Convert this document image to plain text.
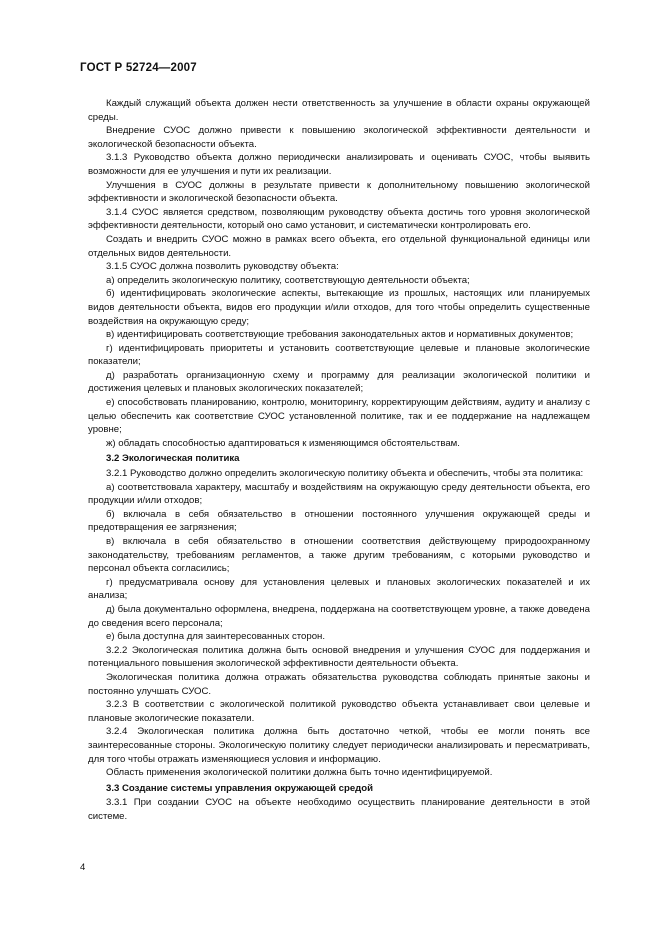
ГОСТ Р 52724—2007

Каждый служащий объекта должен нести ответственность за улучшение в области охраны окружающей среды.

Внедрение СУОС должно привести к повышению экологической эффективности деятельности и экологической безопасности объекта.

3.1.3 Руководство объекта должно периодически анализировать и оценивать СУОС, чтобы выявить возможности для ее улучшения и пути их реализации.

Улучшения в СУОС должны в результате привести к дополнительному повышению экологической эффективности и экологической безопасности объекта.

3.1.4 СУОС является средством, позволяющим руководству объекта достичь того уровня экологической эффективности деятельности, который оно само установит, и систематически контролировать его.

Создать и внедрить СУОС можно в рамках всего объекта, его отдельной функциональной единицы или отдельных видов деятельности.

3.1.5 СУОС должна позволить руководству объекта:

а) определить экологическую политику, соответствующую деятельности объекта;

б) идентифицировать экологические аспекты, вытекающие из прошлых, настоящих или планируемых видов деятельности объекта, видов его продукции и/или отходов, для того чтобы определить существенные воздействия на окружающую среду;

в) идентифицировать соответствующие требования законодательных актов и нормативных документов;

г) идентифицировать приоритеты и установить соответствующие целевые и плановые экологические показатели;

д) разработать организационную схему и программу для реализации экологической политики и достижения целевых и плановых экологических показателей;

е) способствовать планированию, контролю, мониторингу, корректирующим действиям, аудиту и анализу с целью обеспечить как соответствие СУОС установленной политике, так и ее поддержание на надлежащем уровне;

ж) обладать способностью адаптироваться к изменяющимся обстоятельствам.

3.2 Экологическая политика

3.2.1 Руководство должно определить экологическую политику объекта и обеспечить, чтобы эта политика:

а) соответствовала характеру, масштабу и воздействиям на окружающую среду деятельности объекта, его продукции и/или отходов;

б) включала в себя обязательство в отношении постоянного улучшения окружающей среды и предотвращения ее загрязнения;

в) включала в себя обязательство в отношении соответствия действующему природоохранному законодательству, требованиям регламентов, а также другим требованиям, с которыми руководство и персонал объекта согласились;

г) предусматривала основу для установления целевых и плановых экологических показателей и их анализа;

д) была документально оформлена, внедрена, поддержана на соответствующем уровне, а также доведена до сведения всего персонала;

е) была доступна для заинтересованных сторон.

3.2.2 Экологическая политика должна быть основой внедрения и улучшения СУОС для поддержания и потенциального повышения экологической эффективности деятельности объекта.

Экологическая политика должна отражать обязательства руководства соблюдать принятые законы и постоянно улучшать СУОС.

3.2.3 В соответствии с экологической политикой руководство объекта устанавливает свои целевые и плановые экологические показатели.

3.2.4 Экологическая политика должна быть достаточно четкой, чтобы ее могли понять все заинтересованные стороны. Экологическую политику следует периодически анализировать и пересматривать, для того чтобы отражать изменяющиеся условия и информацию.

Область применения экологической политики должна быть точно идентифицируемой.

3.3 Создание системы управления окружающей средой

3.3.1 При создании СУОС на объекте необходимо осуществить планирование деятельности в этой системе.

4
